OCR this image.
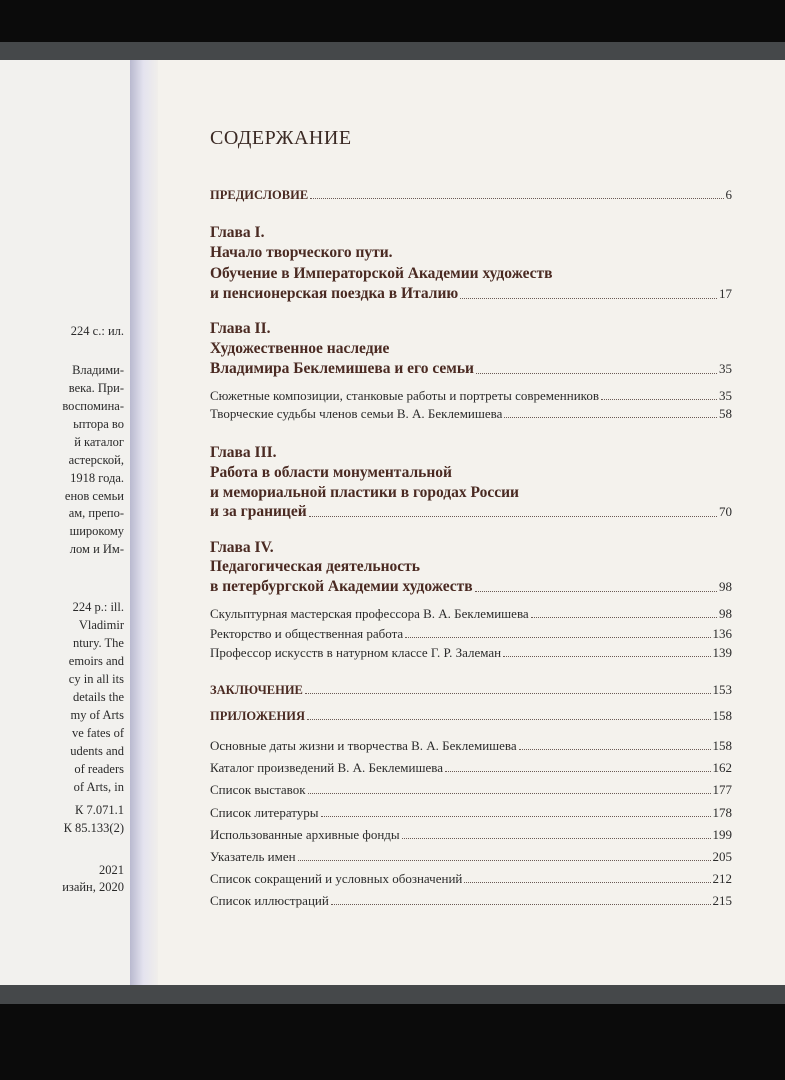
224 с.: ил.
Владими-
века. При-
воспомина-
ьптора во
й каталог
астерской,
1918 года.
енов семьи
ам, препо-
широкому
лом и Им-
224 p.: ill.
Vladimir
ntury. The
emoirs and
cy in all its
details the
my of Arts
ve fates of
udents and
of readers
of Arts, in
К 7.071.1
К 85.133(2)
2021
изайн, 2020
СОДЕРЖАНИЕ
ПРЕДИСЛОВИЕ	6
Глава I.
Начало творческого пути.
Обучение в Императорской Академии художеств
и пенсионерская поездка в Италию	17
Глава II.
Художественное наследие
Владимира Беклемишева и его семьи	35
Сюжетные композиции, станковые работы и портреты современников	35
Творческие судьбы членов семьи В. А. Беклемишева	58
Глава III.
Работа в области монументальной
и мемориальной пластики в городах России
и за границей	70
Глава IV.
Педагогическая деятельность
в петербургской Академии художеств	98
Скульптурная мастерская профессора В. А. Беклемишева	98
Ректорство и общественная работа	136
Профессор искусств в натурном классе Г. Р. Залеман	139
ЗАКЛЮЧЕНИЕ	153
ПРИЛОЖЕНИЯ	158
Основные даты жизни и творчества В. А. Беклемишева	158
Каталог произведений В. А. Беклемишева	162
Список выставок	177
Список литературы	178
Использованные архивные фонды	199
Указатель имен	205
Список сокращений и условных обозначений	212
Список иллюстраций	215
